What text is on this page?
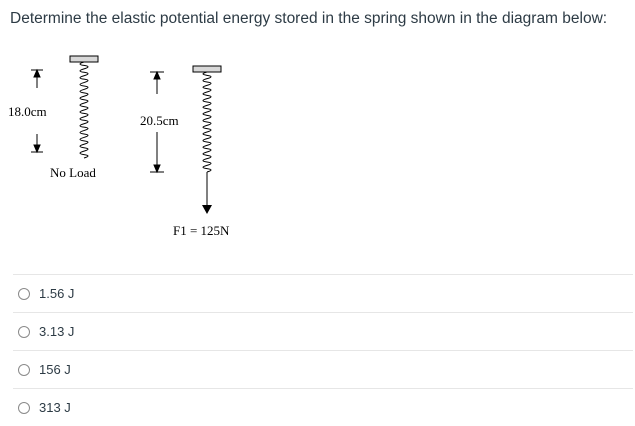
Determine the elastic potential energy stored in the spring shown in the diagram below:
18.0cm
No Load
20.5cm
F1 = 125N
1.56 J
3.13 J
156 J
313 J
